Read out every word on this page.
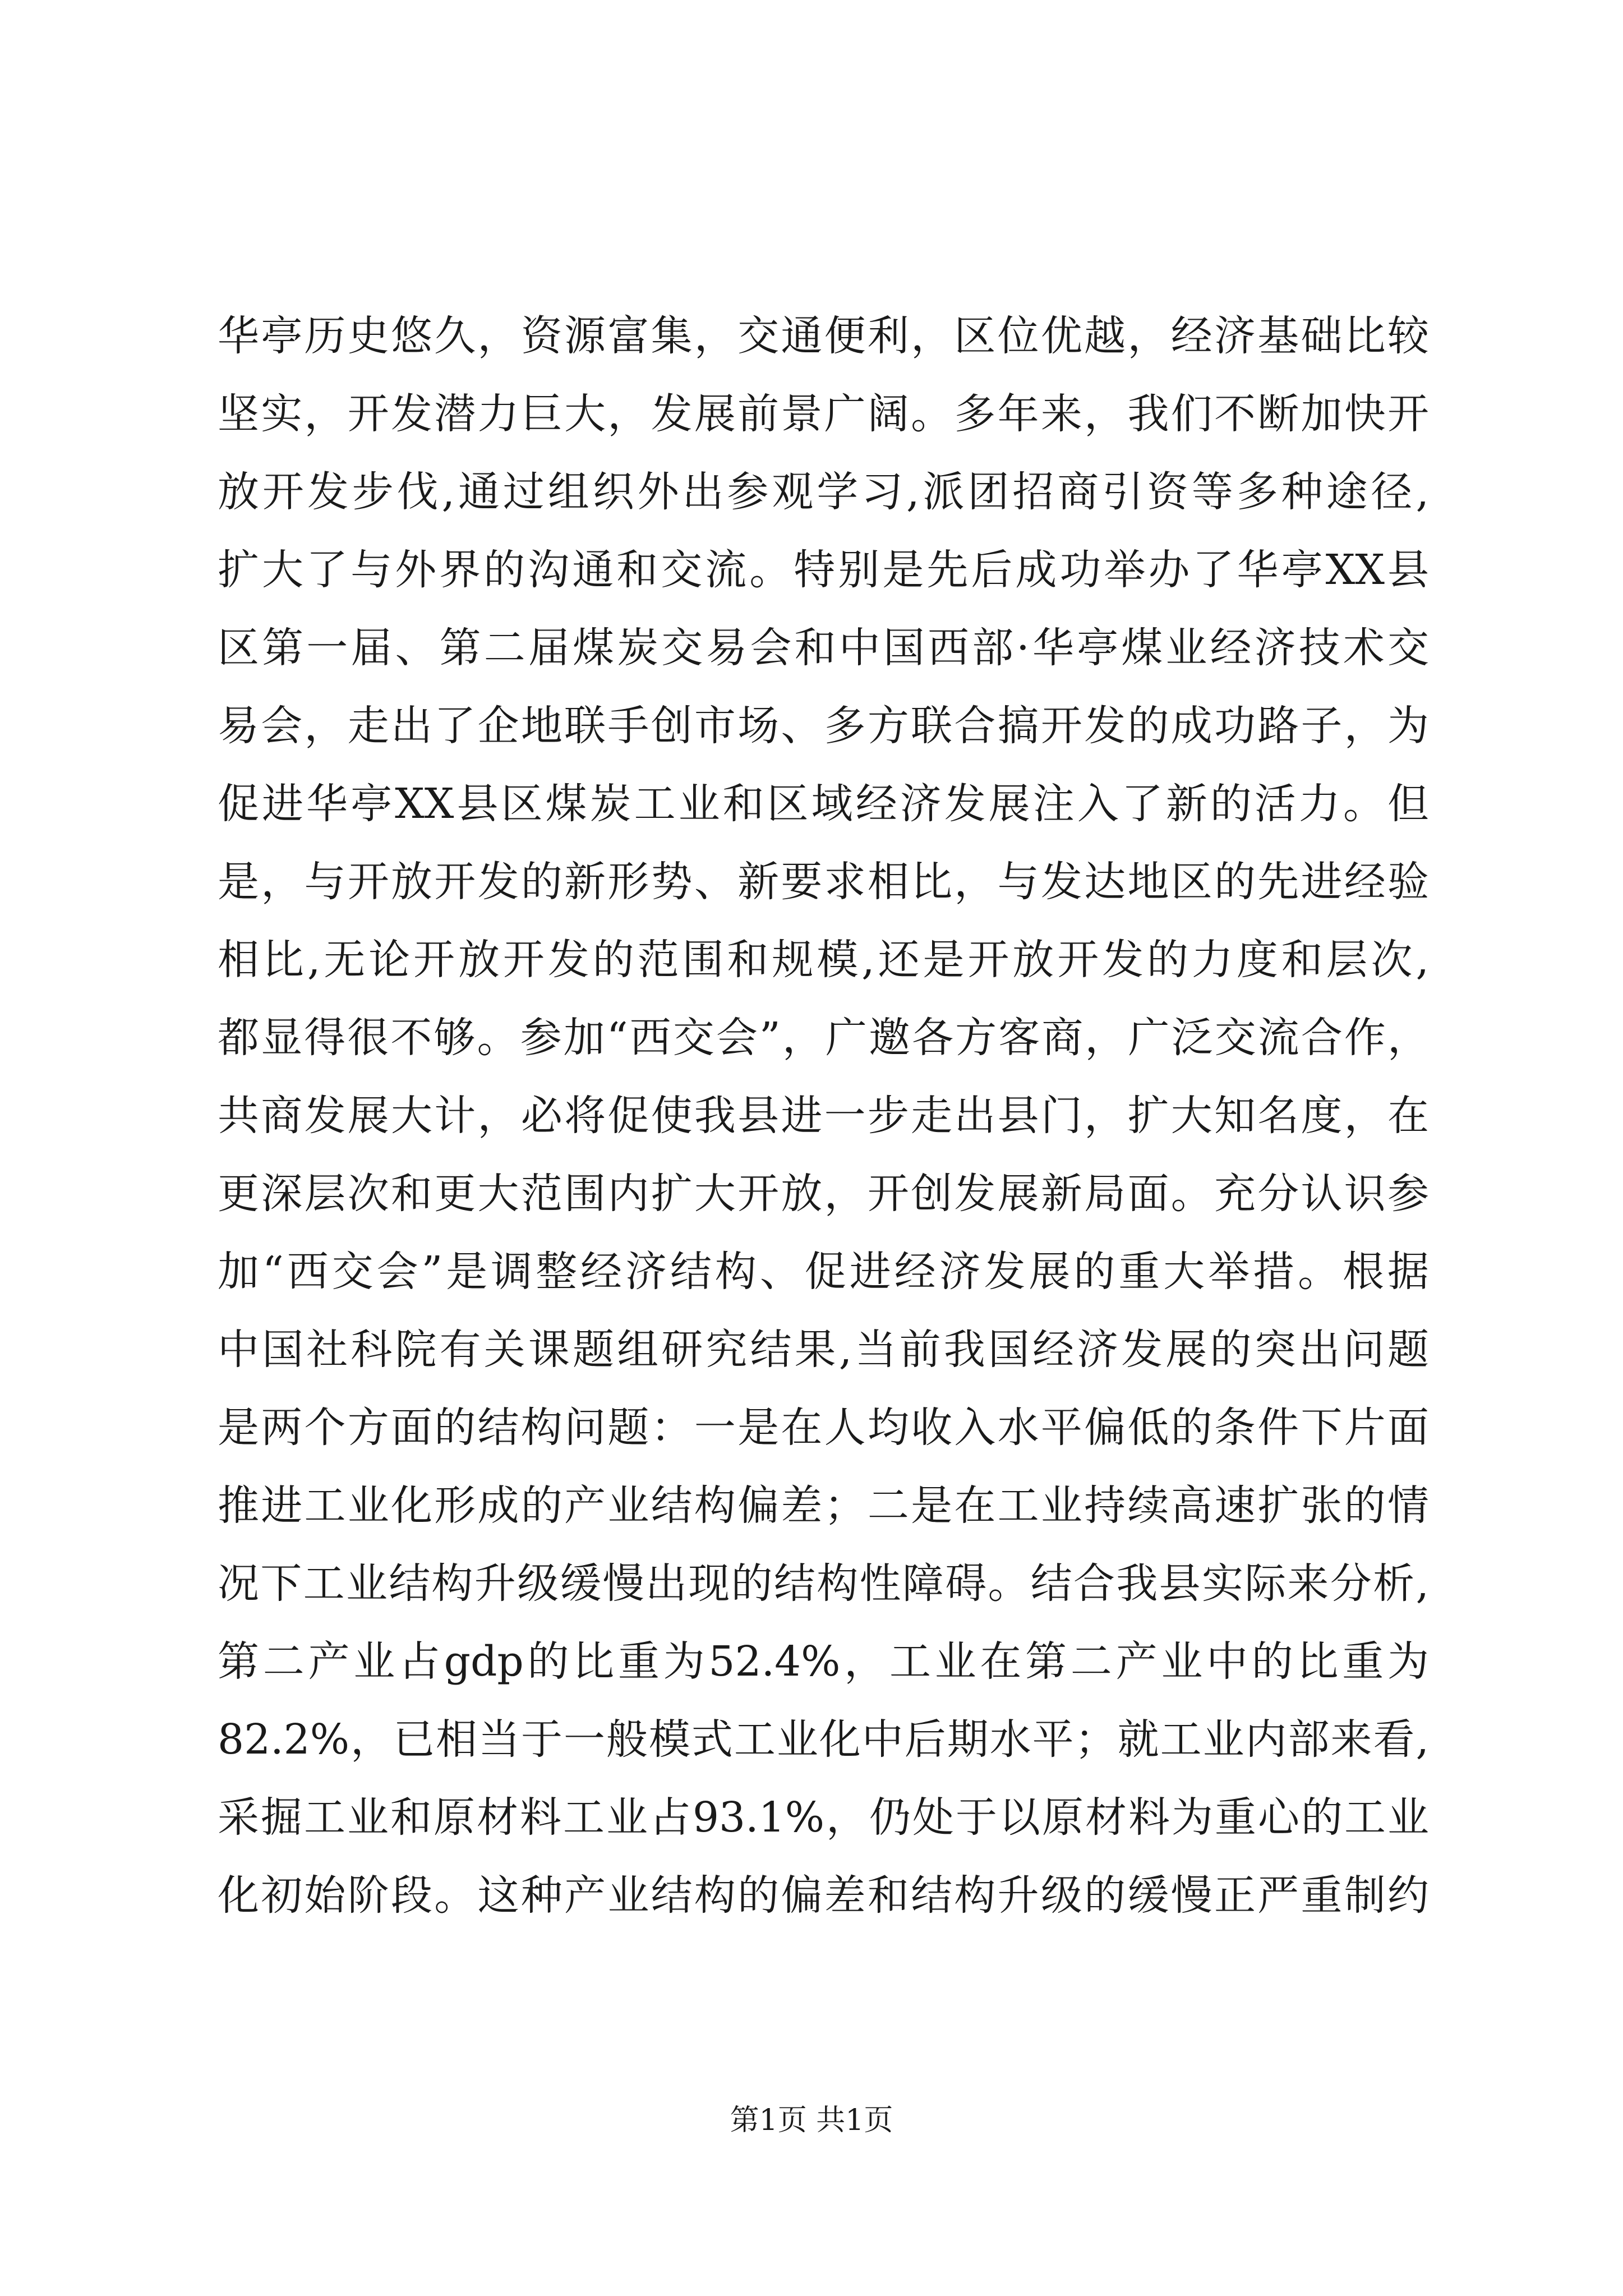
华亭历史悠久，资源富集，交通便利，区位优越，经济基础比较
坚实，开发潜力巨大，发展前景广阔。多年来，我们不断加快开
放开发步伐,通过组织外出参观学习,派团招商引资等多种途径,
扩大了与外界的沟通和交流。特别是先后成功举办了华亭XX县
区第一届、第二届煤炭交易会和中国西部·华亭煤业经济技术交
易会，走出了企地联手创市场、多方联合搞开发的成功路子，为
促进华亭XX县区煤炭工业和区域经济发展注入了新的活力。但
是，与开放开发的新形势、新要求相比，与发达地区的先进经验
相比,无论开放开发的范围和规模,还是开放开发的力度和层次,
都显得很不够。参加“西交会”，广邀各方客商，广泛交流合作，
共商发展大计，必将促使我县进一步走出县门，扩大知名度，在
更深层次和更大范围内扩大开放，开创发展新局面。充分认识参
加“西交会”是调整经济结构、促进经济发展的重大举措。根据
中国社科院有关课题组研究结果,当前我国经济发展的突出问题
是两个方面的结构问题：一是在人均收入水平偏低的条件下片面
推进工业化形成的产业结构偏差；二是在工业持续高速扩张的情
况下工业结构升级缓慢出现的结构性障碍。结合我县实际来分析,
第二产业占gdp的比重为52.4%，工业在第二产业中的比重为
82.2%，已相当于一般模式工业化中后期水平；就工业内部来看,
采掘工业和原材料工业占93.1%，仍处于以原材料为重心的工业
化初始阶段。这种产业结构的偏差和结构升级的缓慢正严重制约
第1页 共1页
